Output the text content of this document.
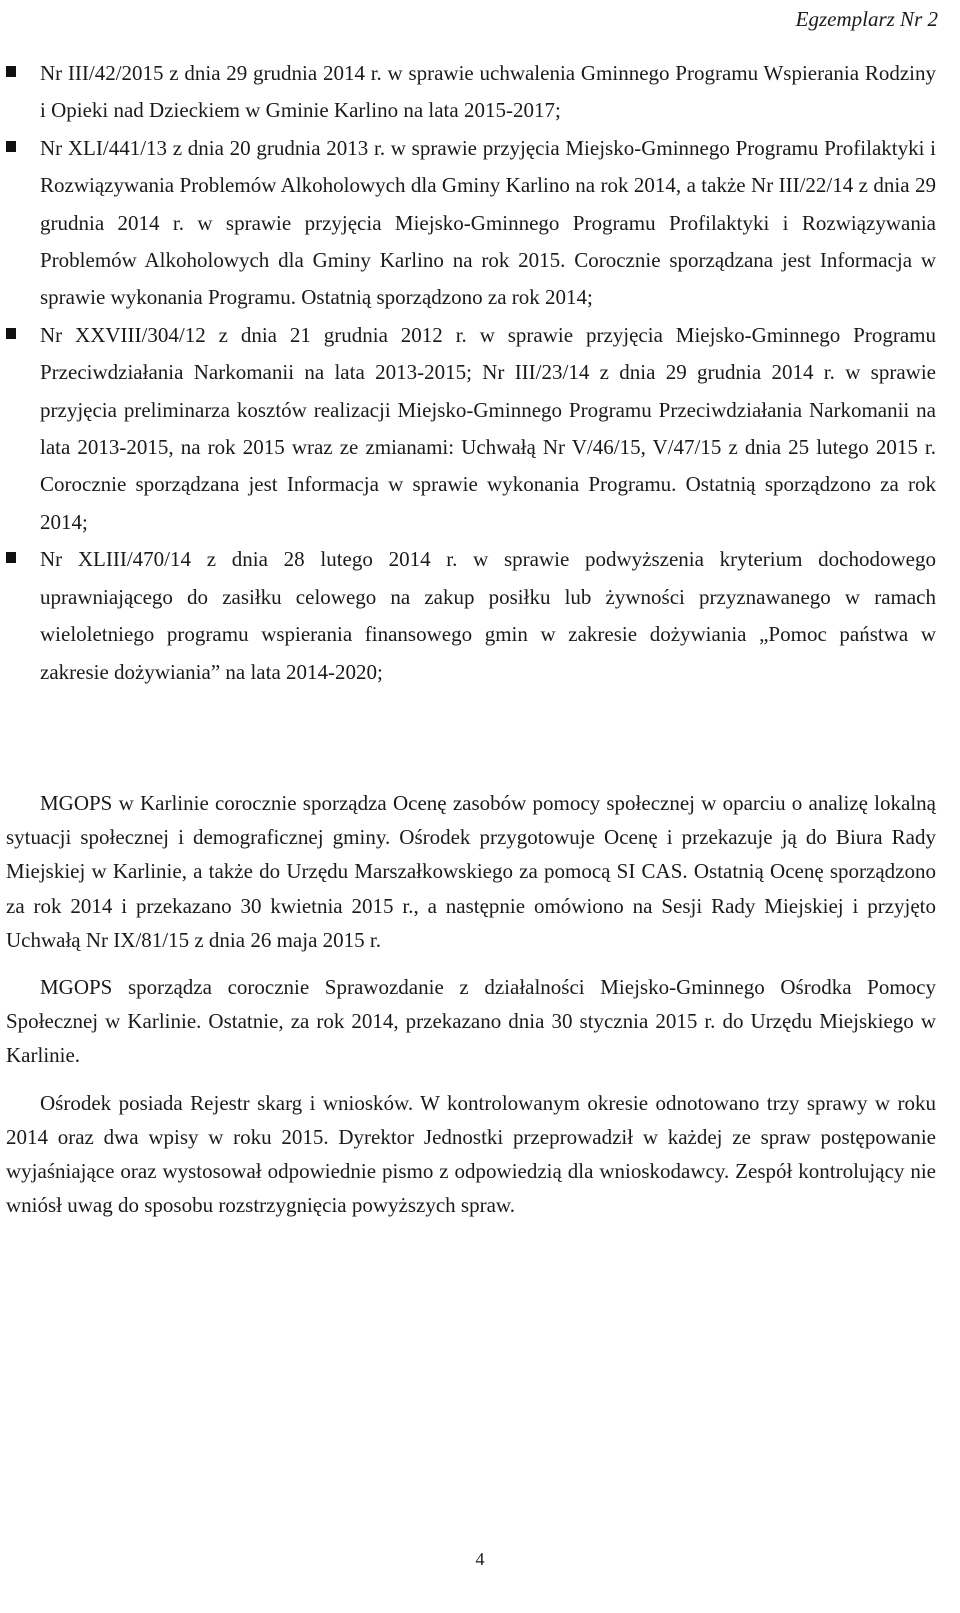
Egzemplarz Nr 2
Nr III/42/2015 z dnia 29 grudnia 2014 r. w sprawie uchwalenia Gminnego Programu Wspierania Rodziny i Opieki nad Dzieckiem w Gminie Karlino na lata 2015-2017;
Nr XLI/441/13 z dnia 20 grudnia 2013 r. w sprawie przyjęcia Miejsko-Gminnego Programu Profilaktyki i Rozwiązywania Problemów Alkoholowych dla Gminy Karlino na rok 2014, a także Nr III/22/14 z dnia 29 grudnia 2014 r. w sprawie przyjęcia Miejsko-Gminnego Programu Profilaktyki i Rozwiązywania Problemów Alkoholowych dla Gminy Karlino na rok 2015. Corocznie sporządzana jest Informacja w sprawie wykonania Programu. Ostatnią sporządzono za rok 2014;
Nr XXVIII/304/12 z dnia 21 grudnia 2012 r. w sprawie przyjęcia Miejsko-Gminnego Programu Przeciwdziałania Narkomanii na lata 2013-2015; Nr III/23/14 z dnia 29 grudnia 2014 r. w sprawie przyjęcia preliminarza kosztów realizacji Miejsko-Gminnego Programu Przeciwdziałania Narkomanii na lata 2013-2015, na rok 2015 wraz ze zmianami: Uchwałą Nr V/46/15, V/47/15 z dnia 25 lutego 2015 r. Corocznie sporządzana jest Informacja w sprawie wykonania Programu. Ostatnią sporządzono za rok 2014;
Nr XLIII/470/14 z dnia 28 lutego 2014 r. w sprawie podwyższenia kryterium dochodowego uprawniającego do zasiłku celowego na zakup posiłku lub żywności przyznawanego w ramach wieloletniego programu wspierania finansowego gmin w zakresie dożywiania „Pomoc państwa w zakresie dożywiania” na lata 2014-2020;

MGOPS w Karlinie corocznie sporządza Ocenę zasobów pomocy społecznej w oparciu o analizę lokalną sytuacji społecznej i demograficznej gminy. Ośrodek przygotowuje Ocenę i przekazuje ją do Biura Rady Miejskiej w Karlinie, a także do Urzędu Marszałkowskiego za pomocą SI CAS. Ostatnią Ocenę sporządzono za rok 2014 i przekazano 30 kwietnia 2015 r., a następnie omówiono na Sesji Rady Miejskiej i przyjęto Uchwałą Nr IX/81/15 z dnia 26 maja 2015 r.

MGOPS sporządza corocznie Sprawozdanie z działalności Miejsko-Gminnego Ośrodka Pomocy Społecznej w Karlinie. Ostatnie, za rok 2014, przekazano dnia 30 stycznia 2015 r. do Urzędu Miejskiego w Karlinie.

Ośrodek posiada Rejestr skarg i wniosków. W kontrolowanym okresie odnotowano trzy sprawy w roku 2014 oraz dwa wpisy w roku 2015. Dyrektor Jednostki przeprowadził w każdej ze spraw postępowanie wyjaśniające oraz wystosował odpowiednie pismo z odpowiedzią dla wnioskodawcy. Zespół kontrolujący nie wniósł uwag do sposobu rozstrzygnięcia powyższych spraw.

4
